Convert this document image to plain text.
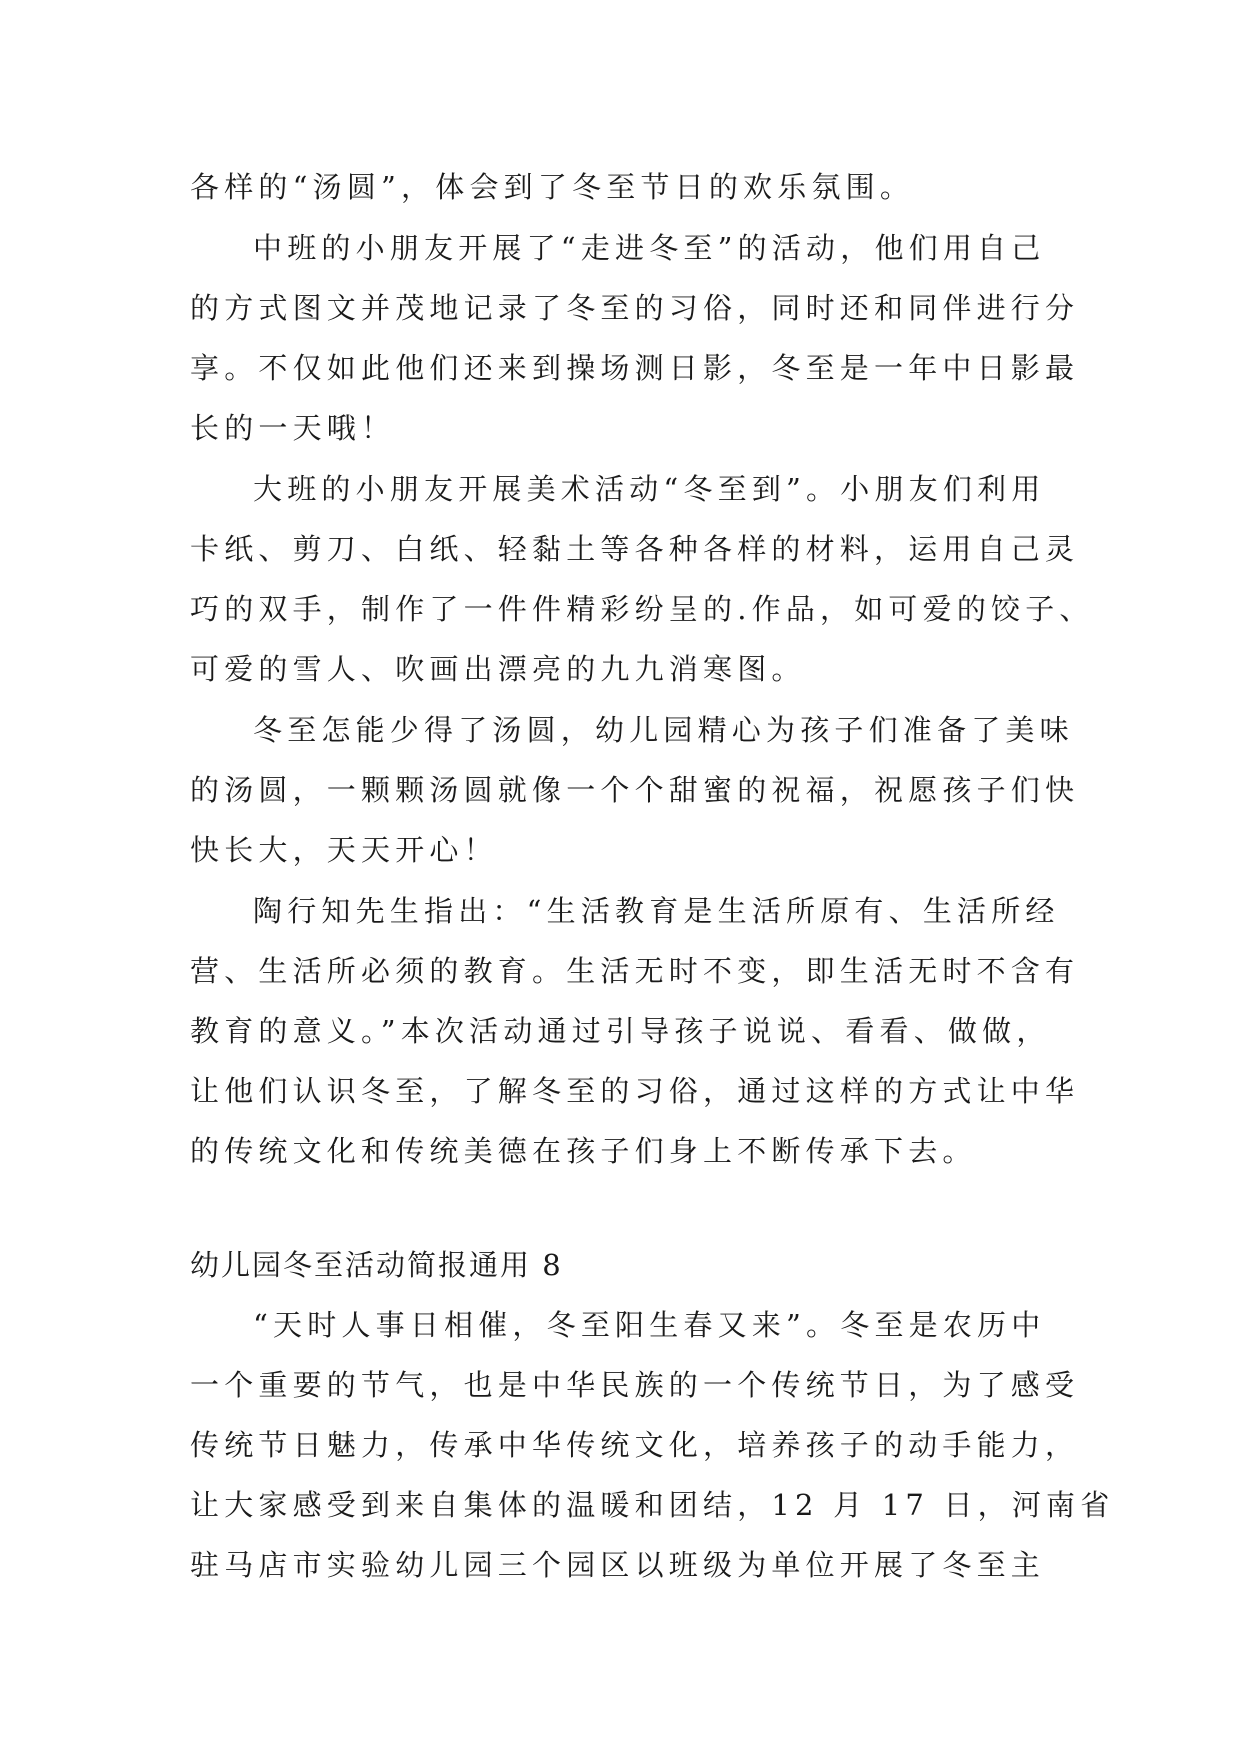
各样的“汤圆”，体会到了冬至节日的欢乐氛围。
中班的小朋友开展了“走进冬至”的活动，他们用自己
的方式图文并茂地记录了冬至的习俗，同时还和同伴进行分
享。不仅如此他们还来到操场测日影，冬至是一年中日影最
长的一天哦！
大班的小朋友开展美术活动“冬至到”。小朋友们利用
卡纸、剪刀、白纸、轻黏土等各种各样的材料，运用自己灵
巧的双手，制作了一件件精彩纷呈的.作品，如可爱的饺子、
可爱的雪人、吹画出漂亮的九九消寒图。
冬至怎能少得了汤圆，幼儿园精心为孩子们准备了美味
的汤圆，一颗颗汤圆就像一个个甜蜜的祝福，祝愿孩子们快
快长大，天天开心！
陶行知先生指出：“生活教育是生活所原有、生活所经
营、生活所必须的教育。生活无时不变，即生活无时不含有
教育的意义。”本次活动通过引导孩子说说、看看、做做，
让他们认识冬至，了解冬至的习俗，通过这样的方式让中华
的传统文化和传统美德在孩子们身上不断传承下去。
幼儿园冬至活动简报通用 8
“天时人事日相催，冬至阳生春又来”。冬至是农历中
一个重要的节气，也是中华民族的一个传统节日，为了感受
传统节日魅力，传承中华传统文化，培养孩子的动手能力，
让大家感受到来自集体的温暖和团结，12 月 17 日，河南省
驻马店市实验幼儿园三个园区以班级为单位开展了冬至主
